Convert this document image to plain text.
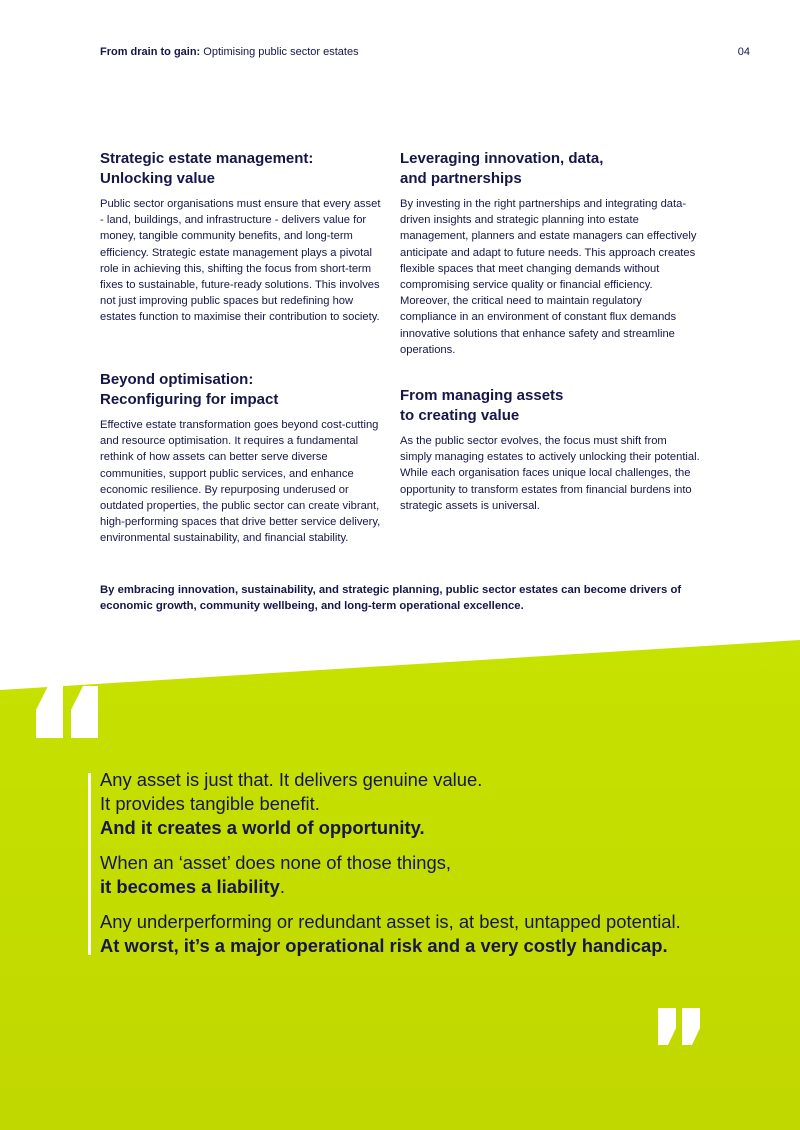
From drain to gain: Optimising public sector estates	04
Strategic estate management:
Unlocking value

Public sector organisations must ensure that every asset - land, buildings, and infrastructure - delivers value for money, tangible community benefits, and long-term efficiency. Strategic estate management plays a pivotal role in achieving this, shifting the focus from short-term fixes to sustainable, future-ready solutions. This involves not just improving public spaces but redefining how estates function to maximise their contribution to society.

Leveraging innovation, data,
and partnerships

By investing in the right partnerships and integrating data-driven insights and strategic planning into estate management, planners and estate managers can effectively anticipate and adapt to future needs. This approach creates flexible spaces that meet changing demands without compromising service quality or financial efficiency. Moreover, the critical need to maintain regulatory compliance in an environment of constant flux demands innovative solutions that enhance safety and streamline operations.

Beyond optimisation:
Reconfiguring for impact

Effective estate transformation goes beyond cost-cutting and resource optimisation. It requires a fundamental rethink of how assets can better serve diverse communities, support public services, and enhance economic resilience. By repurposing underused or outdated properties, the public sector can create vibrant, high-performing spaces that drive better service delivery, environmental sustainability, and financial stability.

From managing assets
to creating value

As the public sector evolves, the focus must shift from simply managing estates to actively unlocking their potential. While each organisation faces unique local challenges, the opportunity to transform estates from financial burdens into strategic assets is universal.

By embracing innovation, sustainability, and strategic planning, public sector estates can become drivers of economic growth, community wellbeing, and long-term operational excellence.

Any asset is just that. It delivers genuine value.
It provides tangible benefit.
And it creates a world of opportunity.
When an ‘asset’ does none of those things,
it becomes a liability.
Any underperforming or redundant asset is, at best, untapped potential.
At worst, it’s a major operational risk and a very costly handicap.
